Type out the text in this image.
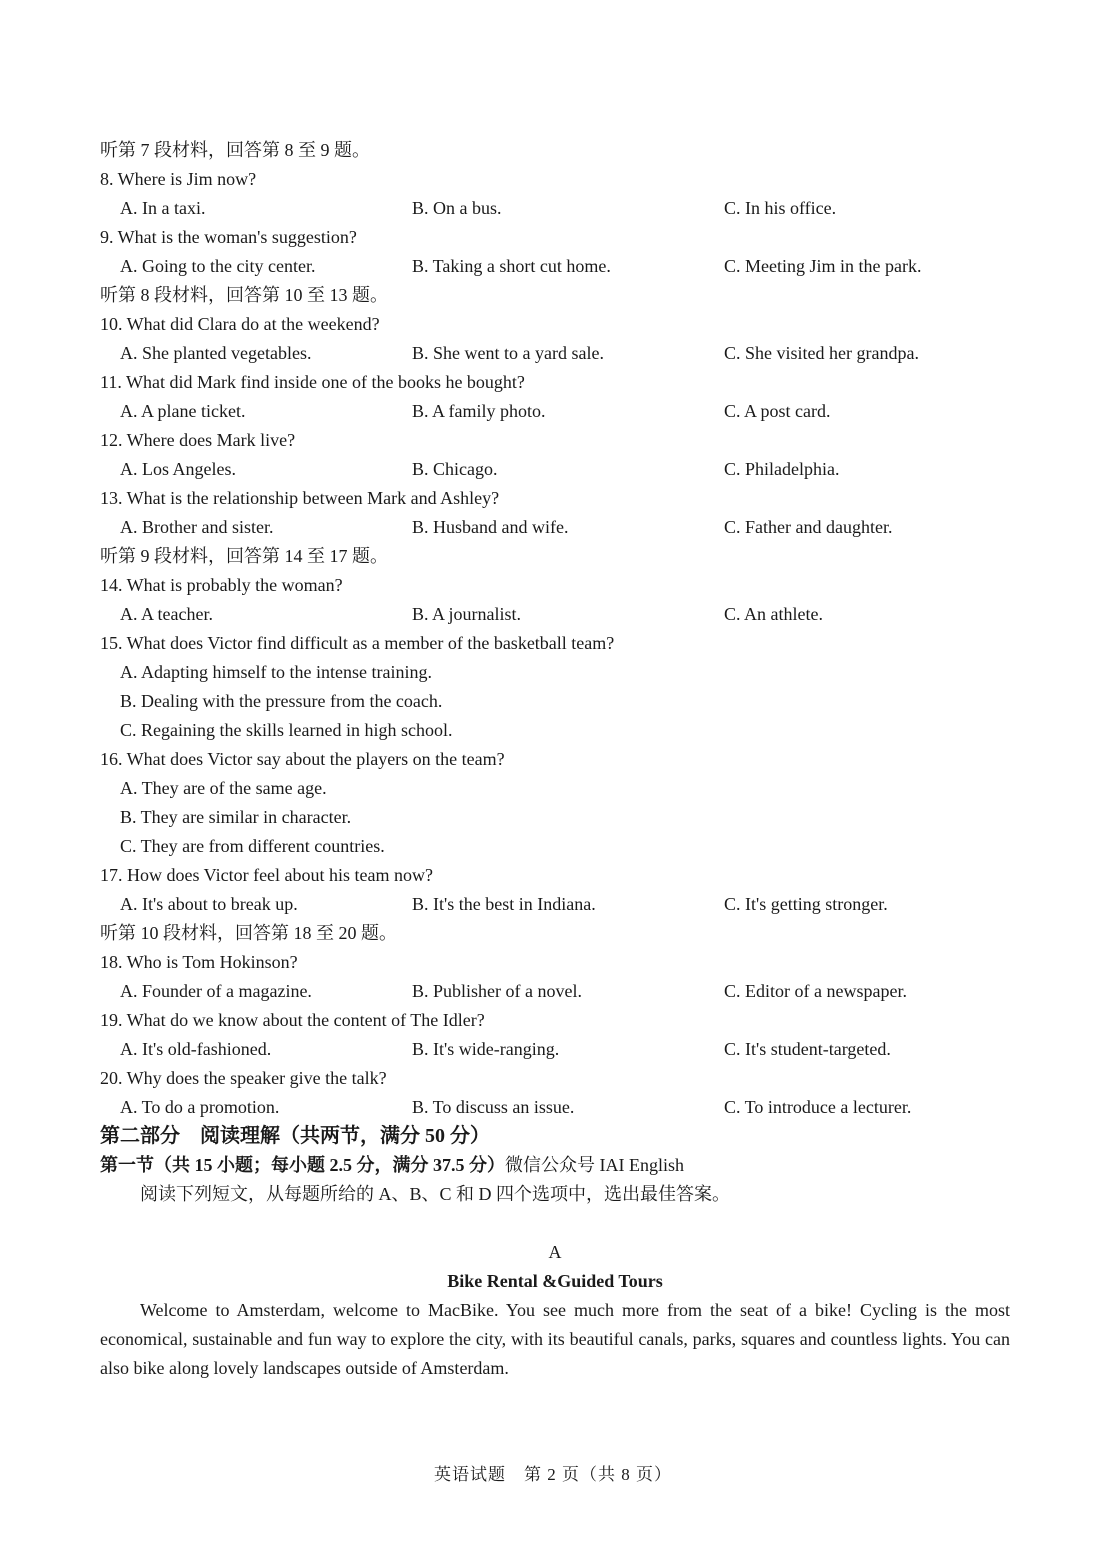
听第 7 段材料，回答第 8 至 9 题。
8. Where is Jim now?
A. In a taxi.	B. On a bus.	C. In his office.
9. What is the woman's suggestion?
A. Going to the city center.	B. Taking a short cut home.	C. Meeting Jim in the park.
听第 8 段材料，回答第 10 至 13 题。
10. What did Clara do at the weekend?
A. She planted vegetables.	B. She went to a yard sale.	C. She visited her grandpa.
11. What did Mark find inside one of the books he bought?
A. A plane ticket.	B. A family photo.	C. A post card.
12. Where does Mark live?
A. Los Angeles.	B. Chicago.	C. Philadelphia.
13. What is the relationship between Mark and Ashley?
A. Brother and sister.	B. Husband and wife.	C. Father and daughter.
听第 9 段材料，回答第 14 至 17 题。
14. What is probably the woman?
A. A teacher.	B. A journalist.	C. An athlete.
15. What does Victor find difficult as a member of the basketball team?
A. Adapting himself to the intense training.
B. Dealing with the pressure from the coach.
C. Regaining the skills learned in high school.
16. What does Victor say about the players on the team?
A. They are of the same age.
B. They are similar in character.
C. They are from different countries.
17. How does Victor feel about his team now?
A. It's about to break up.	B. It's the best in Indiana.	C. It's getting stronger.
听第 10 段材料，回答第 18 至 20 题。
18. Who is Tom Hokinson?
A. Founder of a magazine.	B. Publisher of a novel.	C. Editor of a newspaper.
19. What do we know about the content of The Idler?
A. It's old-fashioned.	B. It's wide-ranging.	C. It's student-targeted.
20. Why does the speaker give the talk?
A. To do a promotion.	B. To discuss an issue.	C. To introduce a lecturer.
第二部分　阅读理解（共两节，满分 50 分）
第一节（共 15 小题；每小题 2.5 分，满分 37.5 分）微信公众号 IAI English
阅读下列短文，从每题所给的 A、B、C 和 D 四个选项中，选出最佳答案。
A
Bike Rental &Guided Tours
Welcome to Amsterdam, welcome to MacBike. You see much more from the seat of a bike! Cycling is the most economical, sustainable and fun way to explore the city, with its beautiful canals, parks, squares and countless lights. You can also bike along lovely landscapes outside of Amsterdam.
英语试题　第 2 页（共 8 页）
